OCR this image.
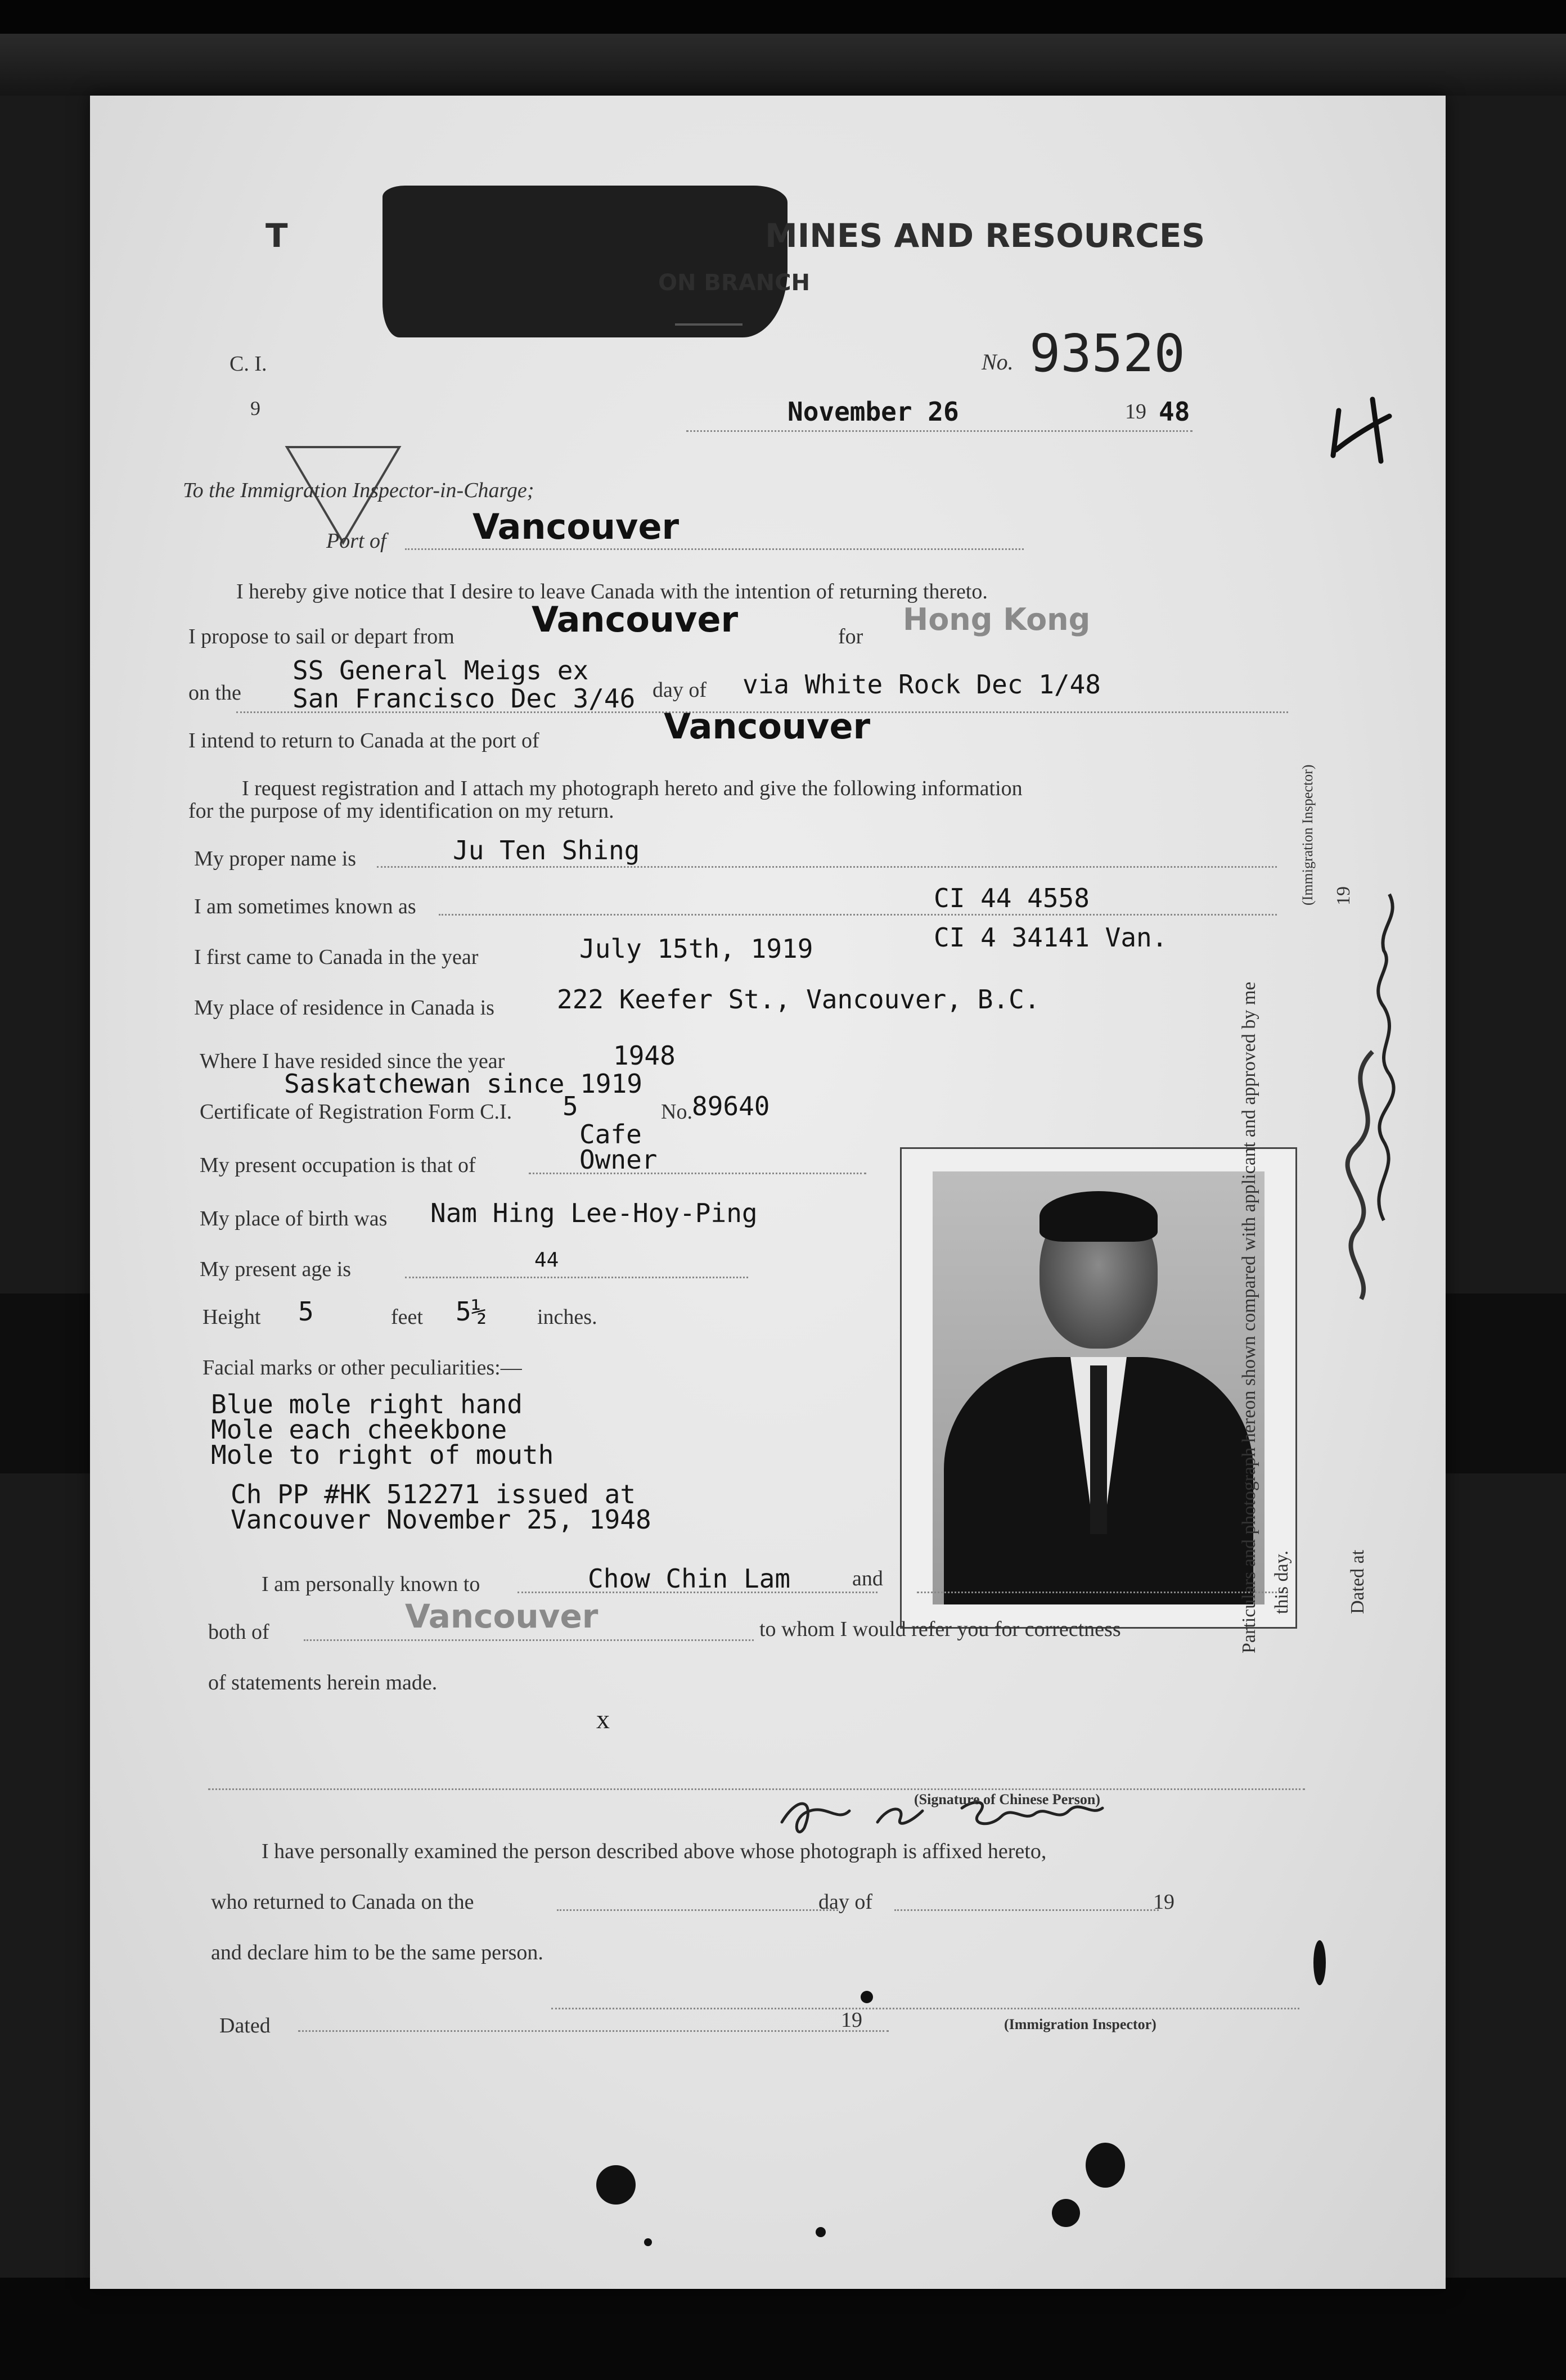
T	MINES AND RESOURCES
ON BRANCH
C. I.
9
No. 93520
November 26	19 48
To the Immigration Inspector-in-Charge;
Port of Vancouver
I hereby give notice that I desire to leave Canada with the intention of returning thereto.
I propose to sail or depart from Vancouver	for Hong Kong
on the
SS General Meigs ex
San Francisco Dec 3/46 day of via White Rock Dec 1/48
I intend to return to Canada at the port of	Vancouver
I request registration and I attach my photograph hereto and give the following information
for the purpose of my identification on my return.
My proper name is	Ju Ten Shing
I am sometimes known as	CI 44 4558
I first came to Canada in the year	July 15th, 1919	CI 4 34141 Van.
My place of residence in Canada is 222 Keefer St., Vancouver, B.C.
Where I have resided since the year	1948
Saskatchewan since 1919
Certificate of Registration Form C.I. 5	No. 89640
Cafe
My present occupation is that of	Owner
My place of birth was Nam Hing Lee-Hoy-Ping
My present age is	44
Height 5	feet 5½ inches.
Facial marks or other peculiarities:—
Blue mole right hand
Mole each cheekbone
Mole to right of mouth
Ch PP #HK 512271 issued at
Vancouver November 25, 1948
I am personally known to	Chow Chin Lam	and
both of	Vancouver	to whom I would refer you for correctness
of statements herein made.
x
(Signature of Chinese Person)
I have personally examined the person described above whose photograph is affixed hereto,
who returned to Canada on the	day of	19
and declare him to be the same person.
(Immigration Inspector)
Dated	19
Particulars and photograph hereon shown compared with applicant and approved by me this day.
(Immigration Inspector) 19
Dated at
